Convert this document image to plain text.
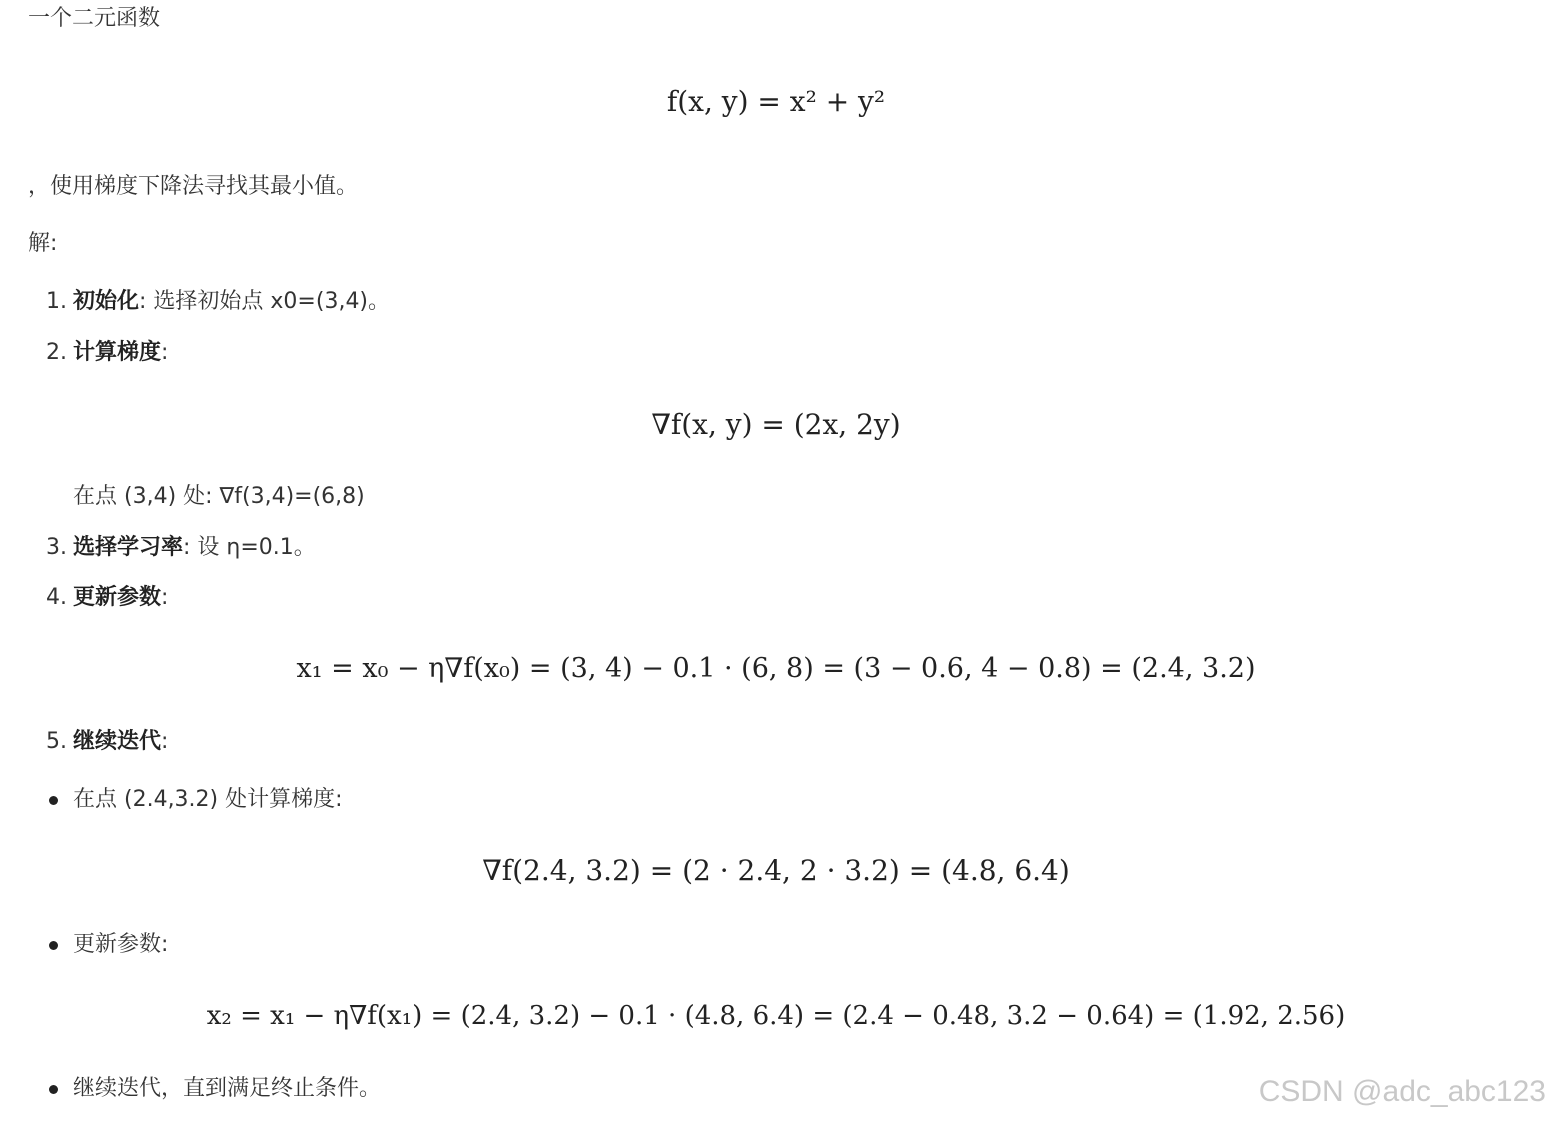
一个二元函数
f(x, y) = x² + y²
，使用梯度下降法寻找其最小值。
解:
1. 初始化: 选择初始点 x0=(3,4)。
2. 计算梯度:
∇f(x, y) = (2x, 2y)
在点 (3,4) 处: ∇f(3,4)=(6,8)
3. 选择学习率: 设 η=0.1。
4. 更新参数:
x₁ = x₀ − η∇f(x₀) = (3, 4) − 0.1 · (6, 8) = (3 − 0.6, 4 − 0.8) = (2.4, 3.2)
5. 继续迭代:
在点 (2.4,3.2) 处计算梯度:
∇f(2.4, 3.2) = (2 · 2.4, 2 · 3.2) = (4.8, 6.4)
更新参数:
x₂ = x₁ − η∇f(x₁) = (2.4, 3.2) − 0.1 · (4.8, 6.4) = (2.4 − 0.48, 3.2 − 0.64) = (1.92, 2.56)
继续迭代，直到满足终止条件。	CSDN @adc_abc123
